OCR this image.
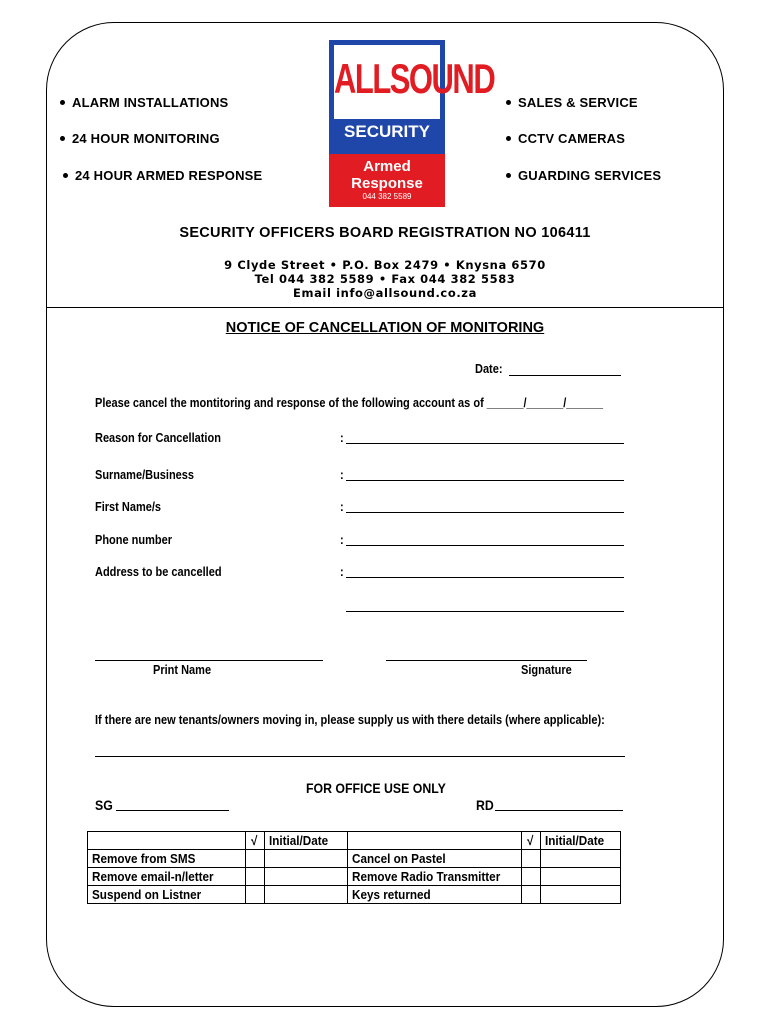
ALARM INSTALLATIONS
24 HOUR MONITORING
24 HOUR ARMED RESPONSE
SALES & SERVICE
CCTV CAMERAS
GUARDING SERVICES
ALLSOUND
SECURITY
Armed
Response
044 382 5589
SECURITY OFFICERS BOARD REGISTRATION NO 106411
9 Clyde Street • P.O. Box 2479 • Knysna 6570
Tel 044 382 5589 • Fax 044 382 5583
Email info@allsound.co.za
NOTICE OF CANCELLATION OF MONITORING
Date:
Please cancel the montitoring and response of the following account as of ______/______/______
Reason for Cancellation	:
Surname/Business	:
First Name/s	:
Phone number	:
Address to be cancelled	:
Print Name	Signature
If there are new tenants/owners moving in, please supply us with there details (where applicable):
FOR OFFICE USE ONLY
SG	RD
	√	Initial/Date		√	Initial/Date
Remove from SMS			Cancel on Pastel		
Remove email-n/letter			Remove Radio Transmitter		
Suspend on Listner			Keys returned		
